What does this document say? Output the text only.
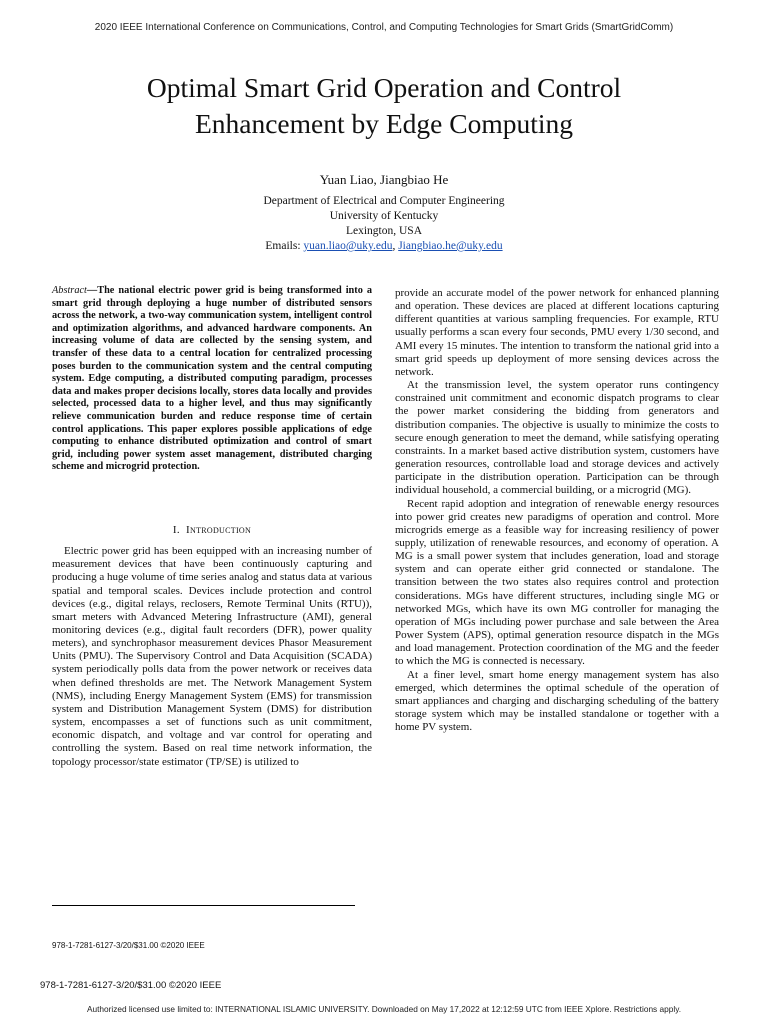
2020 IEEE International Conference on Communications, Control, and Computing Technologies for Smart Grids (SmartGridComm)
Optimal Smart Grid Operation and Control
Enhancement by Edge Computing
Yuan Liao, Jiangbiao He
Department of Electrical and Computer Engineering
University of Kentucky
Lexington, USA
Emails: yuan.liao@uky.edu, Jiangbiao.he@uky.edu

Abstract—The national electric power grid is being transformed into a smart grid through deploying a huge number of distributed sensors across the network, a two-way communication system, intelligent control and optimization algorithms, and advanced hardware components. An increasing volume of data are collected by the sensing system, and transfer of these data to a central location for centralized processing poses burden to the communication system and the central computing system. Edge computing, a distributed computing paradigm, processes data and makes proper decisions locally, stores data locally and provides selected, processed data to a higher level, and thus may significantly relieve communication burden and reduce response time of certain control applications. This paper explores possible applications of edge computing to enhance distributed optimization and control of smart grid, including power system asset management, distributed charging scheme and microgrid protection.

I. Introduction

Electric power grid has been equipped with an increasing number of measurement devices that have been continuously capturing and producing a huge volume of time series analog and status data at various spatial and temporal scales. Devices include protection and control devices (e.g., digital relays, reclosers, Remote Terminal Units (RTU)), smart meters with Advanced Metering Infrastructure (AMI), general monitoring devices (e.g., digital fault recorders (DFR), power quality meters), and synchrophasor measurement devices Phasor Measurement Units (PMU). The Supervisory Control and Data Acquisition (SCADA) system periodically polls data from the power network or receives data when defined thresholds are met. The Network Management System (NMS), including Energy Management System (EMS) for transmission system and Distribution Management System (DMS) for distribution system, encompasses a set of functions such as unit commitment, economic dispatch, and voltage and var control for operating and controlling the system. Based on real time network information, the topology processor/state estimator (TP/SE) is utilized to

provide an accurate model of the power network for enhanced planning and operation. These devices are placed at different locations capturing different quantities at various sampling frequencies. For example, RTU usually performs a scan every four seconds, PMU every 1/30 second, and AMI every 15 minutes. The intention to transform the national grid into a smart grid speeds up deployment of more sensing devices across the network.

At the transmission level, the system operator runs contingency constrained unit commitment and economic dispatch programs to clear the power market considering the bidding from generators and distribution companies. The objective is usually to minimize the costs to secure enough generation to meet the demand, while satisfying operating constraints. In a market based active distribution system, customers have generation resources, controllable load and storage devices and actively participate in the distribution operation. Participation can be through individual household, a commercial building, or a microgrid (MG).

Recent rapid adoption and integration of renewable energy resources into power grid creates new paradigms of operation and control. More microgrids emerge as a feasible way for increasing resiliency of power supply, utilization of renewable resources, and economy of operation. A MG is a small power system that includes generation, load and storage system and can operate either grid connected or standalone. The transition between the two states also requires control and protection considerations. MGs have different structures, including single MG or networked MGs, which have its own MG controller for managing the operation of MGs including power purchase and sale between the Area Power System (APS), optimal generation resource dispatch in the MGs and load management. Protection coordination of the MG and the feeder to which the MG is connected is necessary.

At a finer level, smart home energy management system has also emerged, which determines the optimal schedule of the operation of smart appliances and charging and discharging scheduling of the battery storage system which may be installed standalone or together with a home PV system.

978-1-7281-6127-3/20/$31.00 ©2020 IEEE
978-1-7281-6127-3/20/$31.00 ©2020 IEEE
Authorized licensed use limited to: INTERNATIONAL ISLAMIC UNIVERSITY. Downloaded on May 17,2022 at 12:12:59 UTC from IEEE Xplore. Restrictions apply.
